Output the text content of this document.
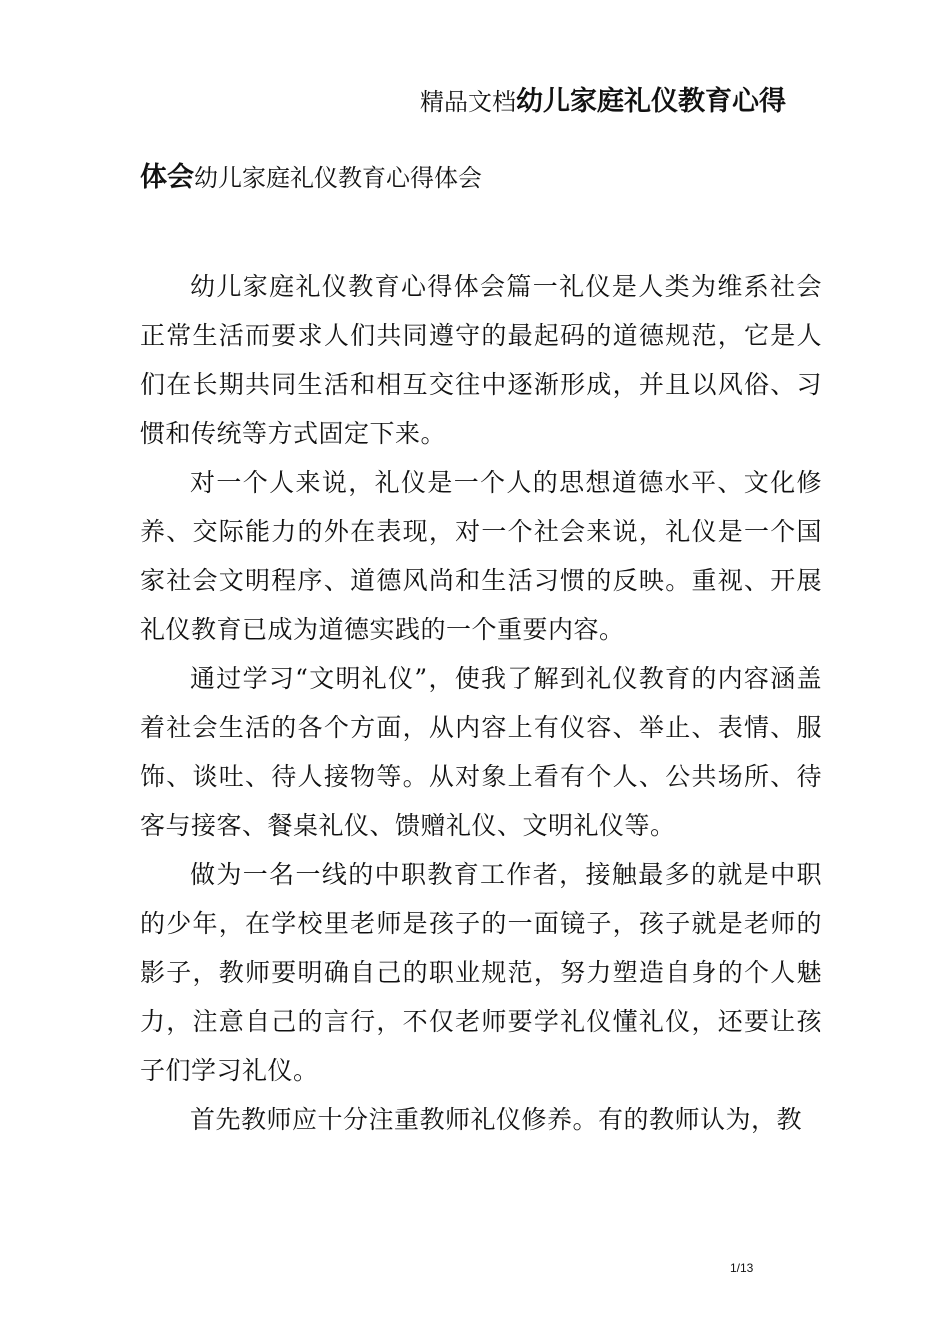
精品文档幼儿家庭礼仪教育心得
体会幼儿家庭礼仪教育心得体会

幼儿家庭礼仪教育心得体会篇一礼仪是人类为维系社会正常生活而要求人们共同遵守的最起码的道德规范，它是人们在长期共同生活和相互交往中逐渐形成，并且以风俗、习惯和传统等方式固定下来。

对一个人来说，礼仪是一个人的思想道德水平、文化修养、交际能力的外在表现，对一个社会来说，礼仪是一个国家社会文明程序、道德风尚和生活习惯的反映。重视、开展礼仪教育已成为道德实践的一个重要内容。

通过学习“文明礼仪”，使我了解到礼仪教育的内容涵盖着社会生活的各个方面，从内容上有仪容、举止、表情、服饰、谈吐、待人接物等。从对象上看有个人、公共场所、待客与接客、餐桌礼仪、馈赠礼仪、文明礼仪等。

做为一名一线的中职教育工作者，接触最多的就是中职的少年，在学校里老师是孩子的一面镜子，孩子就是老师的影子，教师要明确自己的职业规范，努力塑造自身的个人魅力，注意自己的言行，不仅老师要学礼仪懂礼仪，还要让孩子们学习礼仪。

首先教师应十分注重教师礼仪修养。有的教师认为，教

1/13
